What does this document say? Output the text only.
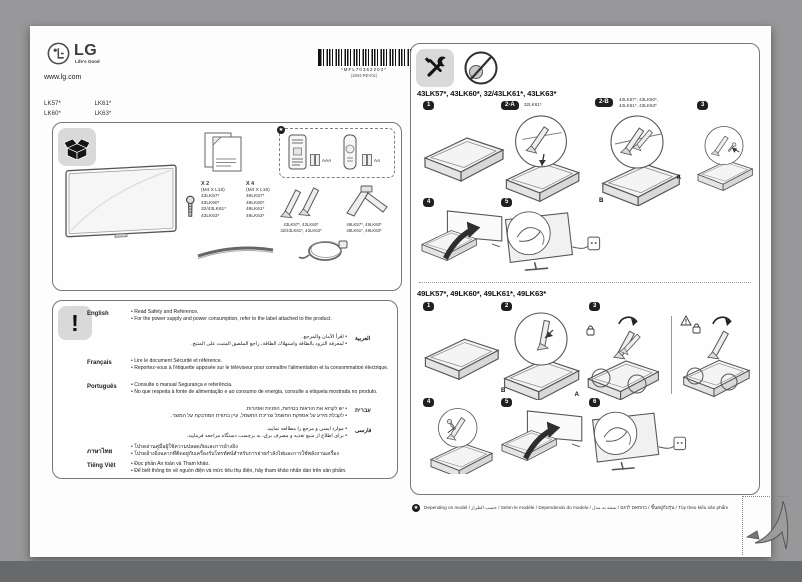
LG
Life's Good
www.lg.com
LK57*	LK61*
LK60*	LK63*
*MFL70362203*
(1804-REV01)
X 2
(M4 X L16)
43LK57*
43LK60*
32/43LK61*
43LK63*
X 4
(M4 X L16)
49LK57*
49LK60*
49LK61*
49LK63*
✱
AAA	AA
43LK57*, 43LK60*
32/43LK61*, 43LK63*
49LK57*, 49LK60*
49LK61*, 49LK63*
!	English	• Read Safety and Reference.
• For the power supply and power consumption, refer to the label attached to the product.
العربية
• اقرأ الأمان والمرجع.
• لمعرفة التزود بالطاقة واستهلاك الطاقة، راجع الملصق المثبت على المنتج.
Français	• Lire le document Sécurité et référence.
• Reportez-vous à l'étiquette apposée sur le téléviseur pour connaître l'alimentation et la consommation électrique.
Português	• Consulte o manual Segurança e referência.
• No que respeita à fonte de alimentação e ao consumo de energia, consulte a etiqueta mostrada no produto.
עברית
• יש לקרוא את הוראות בטיחות, הפניות ואזהרות.
• לקבלת מידע על אספקת החשמל וצריכת החשמל, עיין בתווית המודבקת על המוצר.
فارسی
• موارد ایمنی و مرجع را مطالعه نمایید.
• برای اطلاع از منبع تغذیه و مصرف برق، به برچسب دستگاه مراجعه فرمایید.
ภาษาไทย
• โปรดอ่านคู่มือผู้ใช้ความปลอดภัยและการอ้างอิง
• โปรดอ้างอิงฉลากที่ติดอยู่กับเครื่องรับโทรทัศน์สำหรับการจ่ายกำลังไฟและการใช้พลังงานเครื่อง
Tiếng Việt	• Đọc phần An toàn và Tham khảo.
• Để biết thông tin về nguồn điện và mức tiêu thụ điện, hãy tham khảo nhãn dán trên sản phẩm.
43LK57*, 43LK60*, 32/43LK61*, 43LK63*
1	2-A	32LK61*	2-B	43LK57*, 43LK60*,
43LK61*, 43LK63*
A
B
3
4	5
49LK57*, 49LK60*, 49LK61*, 49LK63*
1	2
B
A
3
4	5	6
✱	Depending on model / حسب الطراز / Selon le modèle / Dependendo do modelo / בהתאם לדגם / بسته به مدل / ขึ้นอยู่กับรุ่น / Tùy theo kiểu sản phẩm
